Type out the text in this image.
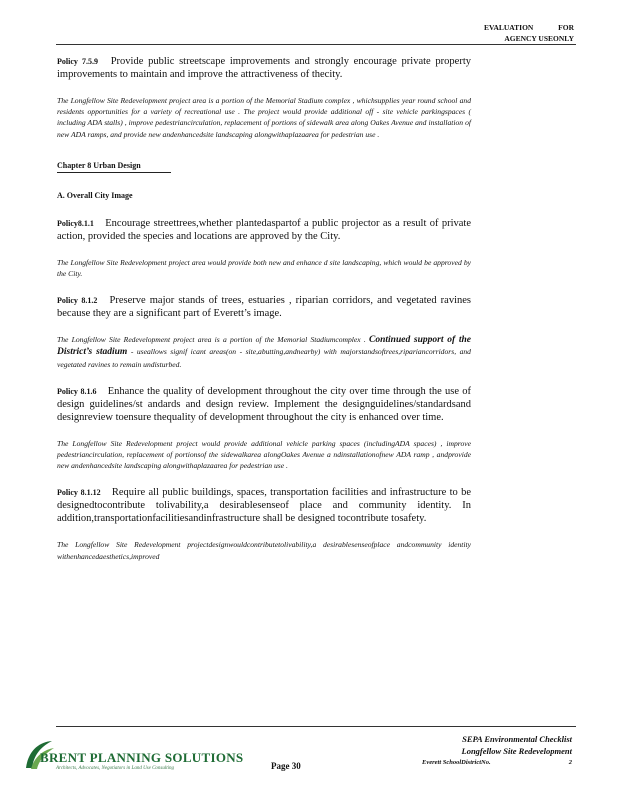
EVALUATION	FOR
AGENCY USEONLY

Policy 7.5.9 Provide public streetscape improvements and strongly encourage private property improvements to maintain and improve the attractiveness of thecity.

The Longfellow Site Redevelopment project area is a portion of the Memorial Stadium complex , whichsupplies year round school and residents opportunities for a variety of recreational use . The project would provide additional off - site vehicle parkingspaces ( including ADA stalls) , improve pedestriancirculation, replacement of portions of sidewalk area along Oakes Avenue and installation of new ADA ramps, and provide new andenhancedsite landscaping alongwithaplazaarea for pedestrian use .

Chapter 8 Urban Design
A. Overall City Image

Policy8.1.1 Encourage streettrees,whether plantedaspartof a public projector as a result of private action, provided the species and locations are approved by the City.

The Longfellow Site Redevelopment project area would provide both new and enhance d site landscaping, which would be approved by the City.

Policy 8.1.2 Preserve major stands of trees, estuaries , riparian corridors, and vegetated ravines because they are a significant part of Everett’s image.

The Longfellow Site Redevelopment project area is a portion of the Memorial Stadiumcomplex . Continued support of the District’s stadium - useallows signif icant areas(on - site,abutting,andnearby) with majorstandsoftrees,ripariancorridors, and vegetated ravines to remain undisturbed.

Policy 8.1.6 Enhance the quality of development throughout the city over time through the use of design guidelines/st andards and design review. Implement the designguidelines/standardsand designreview toensure thequality of development throughout the city is enhanced over time.

The Longfellow Site Redevelopment project would provide additional vehicle parking spaces (includingADA spaces) , improve pedestriancirculation, replacement of portionsof the sidewalkarea alongOakes Avenue a ndinstallationofnew ADA ramp , andprovide new andenhancedsite landscaping alongwithaplazaarea for pedestrian use .

Policy 8.1.12 Require all public buildings, spaces, transportation facilities and infrastructure to be designedtocontribute tolivability,a desirablesenseof place and community identity. In addition,transportationfacilitiesandinfrastructure shall be designed tocontribute tosafety.

The Longfellow Site Redevelopment projectdesignwouldcontributetolivability,a desirablesenseofplace andcommunity identity withenhancedaesthetics,improved

BRENT PLANNING SOLUTIONS
Architects, Advocates, Negotiators in Land Use Consulting	Page 30
SEPA Environmental Checklist
Longfellow Site Redevelopment
Everett SchoolDistrictNo.	2
